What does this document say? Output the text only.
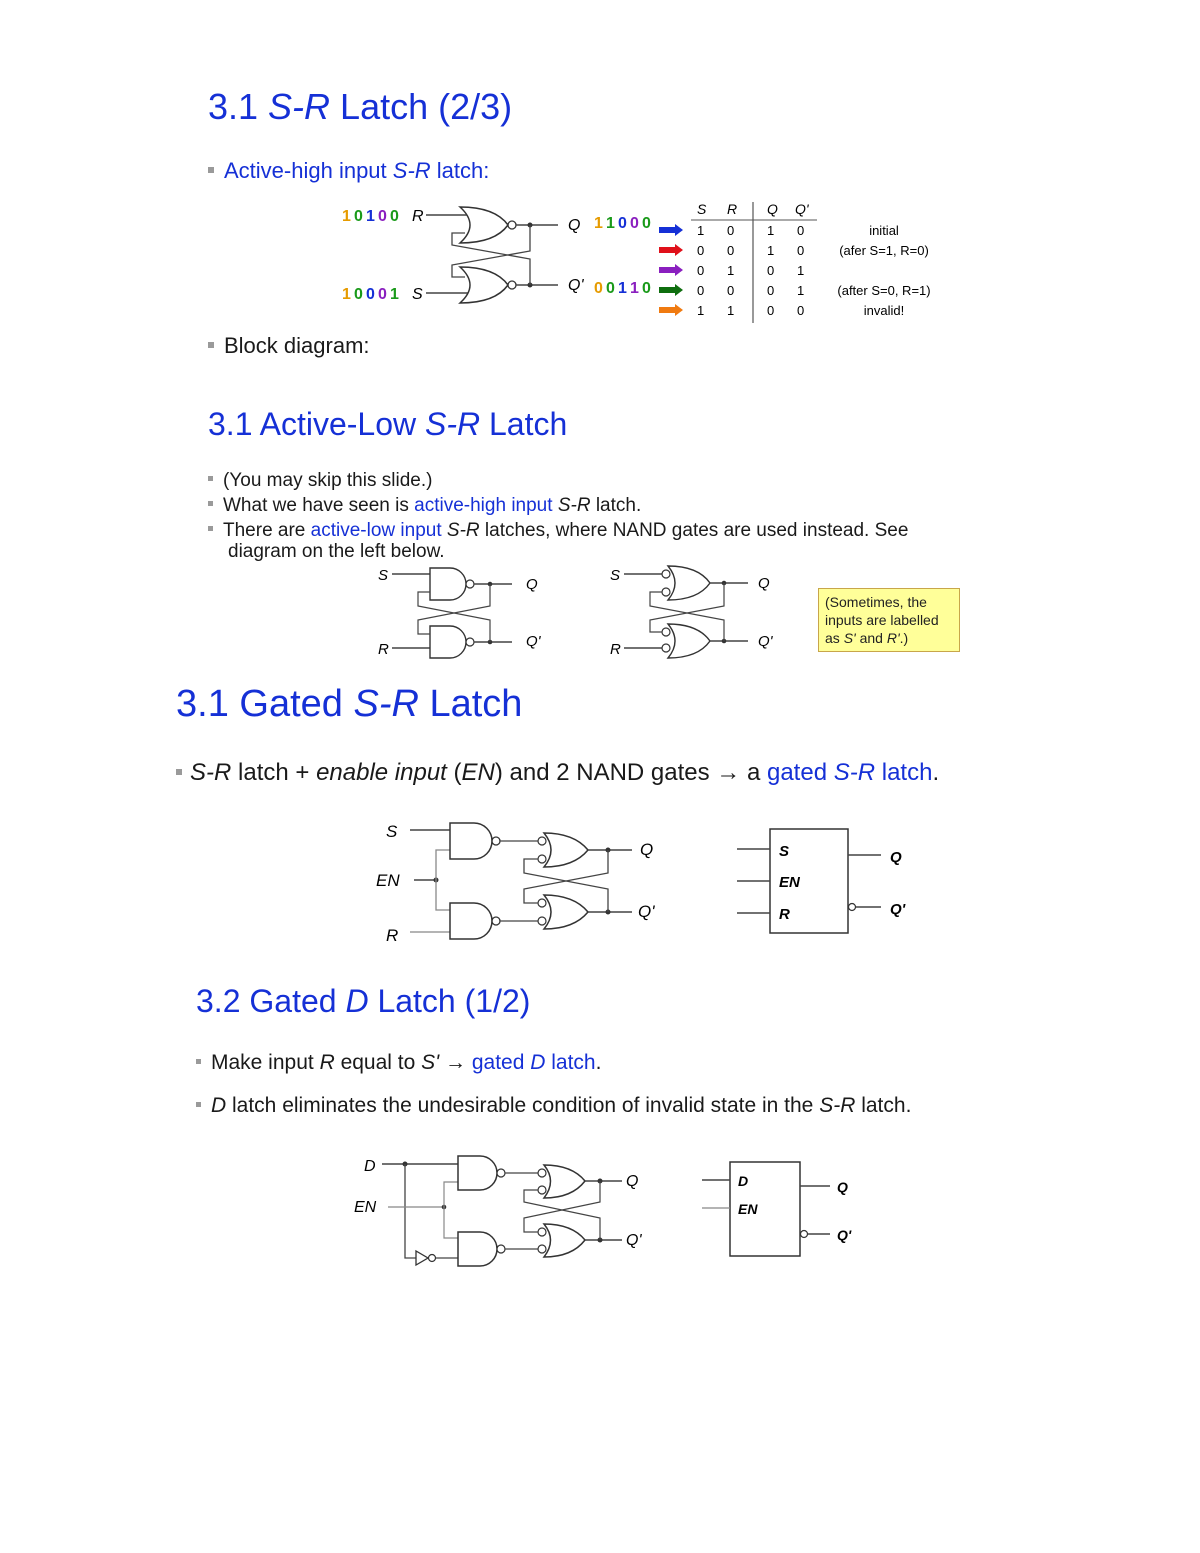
3.1 S-R Latch (2/3)
Active-high input S-R latch:
1 0 1 0 0
1 0 0 0 1
R
S
Q
Q'
1 1 0 0 0
0 0 1 1 0
S R Q Q'
1 0	1 0	initial
0 0	1 0	(afer S=1, R=0)
0 1	0 1
0 0	0 1	(after S=0, R=1)
1 1	0 0	invalid!
Block diagram:
3.1 Active-Low S-R Latch
(You may skip this slide.)
What we have seen is active-high input S-R latch.
There are active-low input S-R latches, where NAND gates are used instead. See
diagram on the left below.
S
R
Q
Q'
S
R
Q
Q'
(Sometimes, the
inputs are labelled
as S' and R'.)
3.1 Gated S-R Latch
S-R latch + enable input (EN) and 2 NAND gates → a gated S-R latch.
S
EN
R
Q
Q'
S
EN
R
Q
Q'
3.2 Gated D Latch (1/2)
Make input R equal to S' → gated D latch.
D latch eliminates the undesirable condition of invalid state in the S-R latch.
D
EN
Q
Q'
D
EN
Q
Q'
